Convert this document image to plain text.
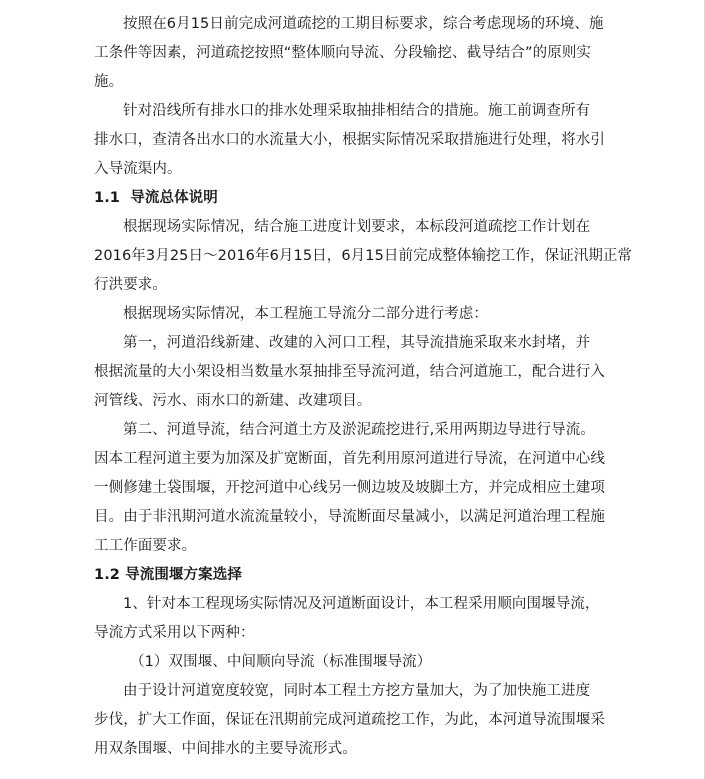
按照在6月15日前完成河道疏挖的工期目标要求，综合考虑现场的环境、施
工条件等因素，河道疏挖按照“整体顺向导流、分段输挖、截导结合”的原则实
施。
针对沿线所有排水口的排水处理采取抽排相结合的措施。施工前调查所有
排水口，查清各出水口的水流量大小，根据实际情况采取措施进行处理，将水引
入导流渠内。
1.1  导流总体说明
根据现场实际情况，结合施工进度计划要求，本标段河道疏挖工作计划在
2016年3月25日～2016年6月15日，6月15日前完成整体输挖工作，保证汛期正常
行洪要求。
根据现场实际情况，本工程施工导流分二部分进行考虑：
第一，河道沿线新建、改建的入河口工程，其导流措施采取来水封堵，并
根据流量的大小架设相当数量水泵抽排至导流河道，结合河道施工，配合进行入
河管线、污水、雨水口的新建、改建项目。
第二、河道导流，结合河道土方及淤泥疏挖进行,采用两期边导进行导流。
因本工程河道主要为加深及扩宽断面，首先利用原河道进行导流，在河道中心线
一侧修建土袋围堰，开挖河道中心线另一侧边坡及坡脚土方，并完成相应土建项
目。由于非汛期河道水流流量较小，导流断面尽量减小，以满足河道治理工程施
工工作面要求。
1.2 导流围堰方案选择
1、针对本工程现场实际情况及河道断面设计，本工程采用顺向围堰导流，
导流方式采用以下两种：
（1）双围堰、中间顺向导流（标准围堰导流）
由于设计河道宽度较宽，同时本工程土方挖方量加大，为了加快施工进度
步伐，扩大工作面，保证在汛期前完成河道疏挖工作，为此，本河道导流围堰采
用双条围堰、中间排水的主要导流形式。
